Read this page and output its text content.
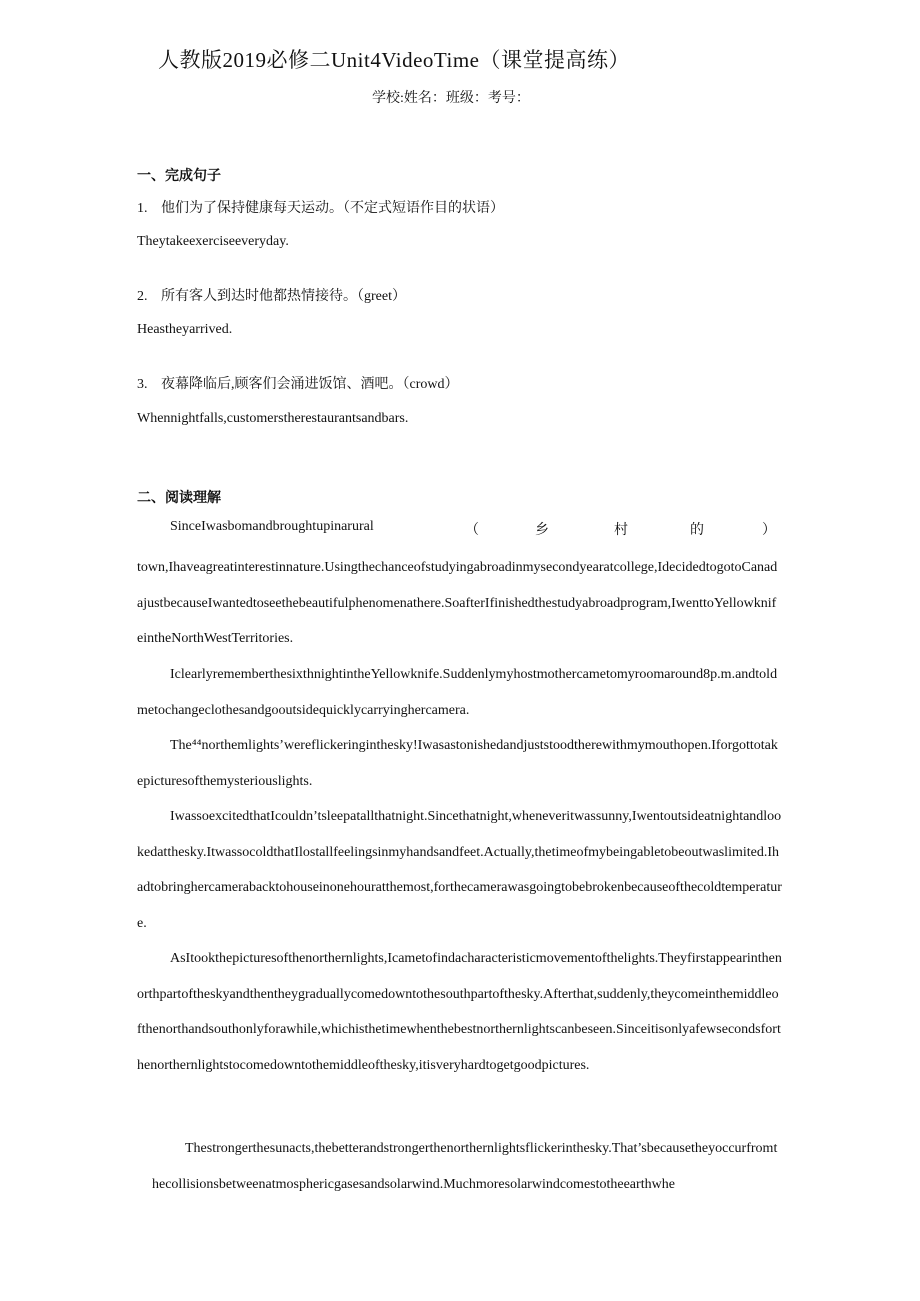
人教版2019必修二Unit4VideoTime（课堂提高练）
学校:姓名：班级：考号：
一、完成句子
1. 他们为了保持健康每天运动。（不定式短语作目的状语）
Theytakeexerciseeveryday.
2. 所有客人到达时他都热情接待。（greet）
Heastheyarrived.
3. 夜幕降临后,顾客们会涌进饭馆、酒吧。（crowd）
Whennightfalls,customerstherestaurantsandbars.
二、阅读理解
SinceIwasbomandbroughtupinarural	（	乡	村	的	）

town,Ihaveagreatinterestinnature.Usingthechanceofstudyingabroadinmysecondyearatcollege,IdecidedtogotoCanadajustbecauseIwantedtoseethebeautifulphenomenathere.SoafterIfinishedthestudyabroadprogram,IwenttoYellowknifeintheNorthWestTerritories.

IclearlyrememberthesixthnightintheYellowknife.Suddenlymyhostmothercametomyroomaround8p.m.andtoldmetochangeclothesandgooutsidequicklycarryinghercamera.

The⁴⁴northemlights’wereflickeringinthesky!Iwasastonishedandjuststoodtherewithmymouthopen.Iforgottotakepicturesofthemysteriouslights.

IwassoexcitedthatIcouldn’tsleepatallthatnight.Sincethatnight,wheneveritwassunny,Iwentoutsideatnightandlookedatthesky.ItwassocoldthatIlostallfeelingsinmyhandsandfeet.Actually,thetimeofmybeingabletobeoutwaslimited.Ihadtobringhercamerabacktohouseinonehouratthemost,forthecamerawasgoingtobebrokenbecauseofthecoldtemperature.

AsItookthepicturesofthenorthernlights,Icametofindacharacteristicmovementofthelights.Theyfirstappearinthenorthpartoftheskyandthentheygraduallycomedowntothesouthpartofthesky.Afterthat,suddenly,theycomeinthemiddleofthenorthandsouthonlyforawhile,whichisthetimewhenthebestnorthernlightscanbeseen.Sinceitisonlyafewsecondsforthenorthernlightstocomedowntothemiddleofthesky,itisveryhardtogetgoodpictures.

Thestrongerthesunacts,thebetterandstrongerthenorthernlightsflickerinthesky.That’sbecausetheyoccurfromthecollisionsbetweenatmosphericgasesandsolarwind.Muchmoresolarwindcomestotheearthwhe
